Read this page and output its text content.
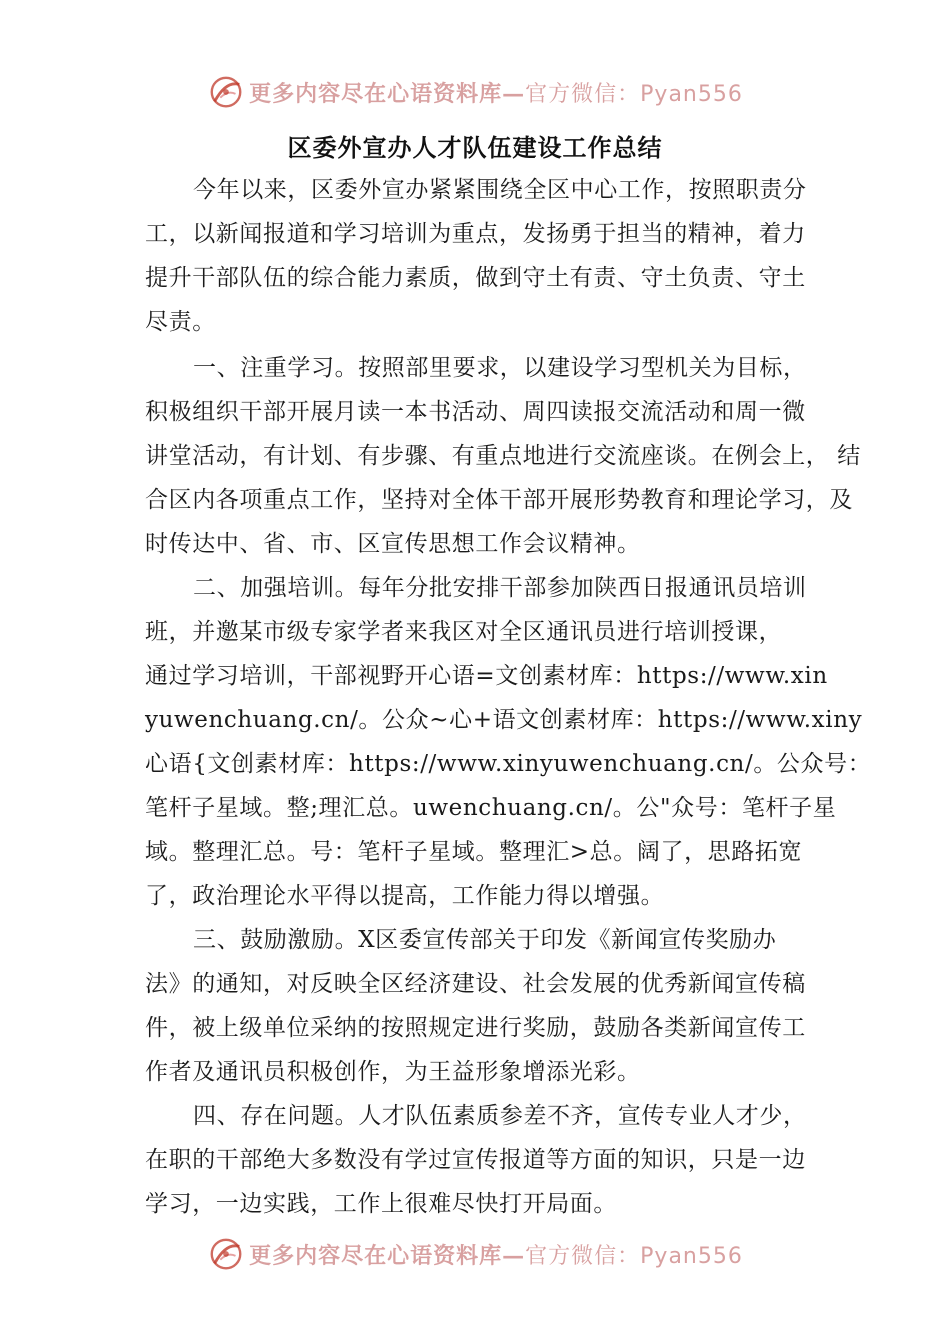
更多内容尽在心语资料库—官方微信：Pyan556
区委外宣办人才队伍建设工作总结
今年以来，区委外宣办紧紧围绕全区中心工作，按照职责分
工，以新闻报道和学习培训为重点，发扬勇于担当的精神，着力
提升干部队伍的综合能力素质，做到守土有责、守土负责、守土
尽责。
一、注重学习。按照部里要求，以建设学习型机关为目标，
积极组织干部开展月读一本书活动、周四读报交流活动和周一微
讲堂活动，有计划、有步骤、有重点地进行交流座谈。在例会上， 结
合区内各项重点工作，坚持对全体干部开展形势教育和理论学习，及
时传达中、省、市、区宣传思想工作会议精神。
二、加强培训。每年分批安排干部参加陕西日报通讯员培训
班，并邀某市级专家学者来我区对全区通讯员进行培训授课，
通过学习培训，干部视野开心语=文创素材库：https://www.xin
yuwenchuang.cn/。公众~心+语文创素材库：https://www.xiny
心语{文创素材库：https://www.xinyuwenchuang.cn/。公众号：
笔杆子星域。整;理汇总。uwenchuang.cn/。公"众号：笔杆子星
域。整理汇总。号：笔杆子星域。整理汇>总。阔了，思路拓宽
了，政治理论水平得以提高，工作能力得以增强。
三、鼓励激励。X区委宣传部关于印发《新闻宣传奖励办
法》的通知，对反映全区经济建设、社会发展的优秀新闻宣传稿
件，被上级单位采纳的按照规定进行奖励，鼓励各类新闻宣传工
作者及通讯员积极创作，为王益形象增添光彩。
四、存在问题。人才队伍素质参差不齐，宣传专业人才少，
在职的干部绝大多数没有学过宣传报道等方面的知识，只是一边
学习，一边实践，工作上很难尽快打开局面。
更多内容尽在心语资料库—官方微信：Pyan556
